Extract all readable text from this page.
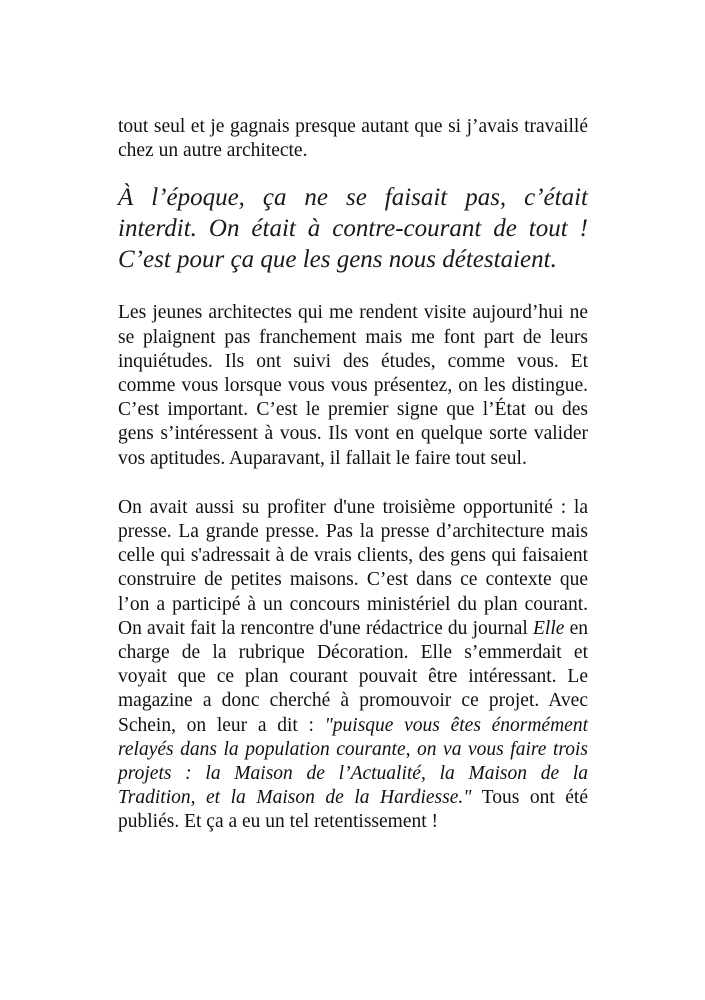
tout seul et je gagnais presque autant que si j’avais travaillé chez un autre architecte.

À l’époque, ça ne se faisait pas, c’était interdit. On était à contre-courant de tout ! C’est pour ça que les gens nous détestaient.

Les jeunes architectes qui me rendent visite aujourd’hui ne se plaignent pas franchement mais me font part de leurs inquiétudes. Ils ont suivi des études, comme vous. Et comme vous lorsque vous vous présentez, on les distingue. C’est important. C’est le premier signe que l’État ou des gens s’intéressent à vous. Ils vont en quelque sorte valider vos aptitudes. Auparavant, il fallait le faire tout seul.

On avait aussi su profiter d'une troisième opportunité : la presse. La grande presse. Pas la presse d’architecture mais celle qui s'adressait à de vrais clients, des gens qui faisaient construire de petites maisons. C’est dans ce contexte que l’on a participé à un concours ministériel du plan courant. On avait fait la rencontre d'une rédactrice du journal Elle en charge de la rubrique Décoration. Elle s’emmerdait et voyait que ce plan courant pouvait être intéressant. Le magazine a donc cherché à promouvoir ce projet. Avec Schein, on leur a dit : "puisque vous êtes énormément relayés dans la population courante, on va vous faire trois projets : la Maison de l’Actualité, la Maison de la Tradition, et la Maison de la Hardiesse." Tous ont été publiés. Et ça a eu un tel retentissement !
